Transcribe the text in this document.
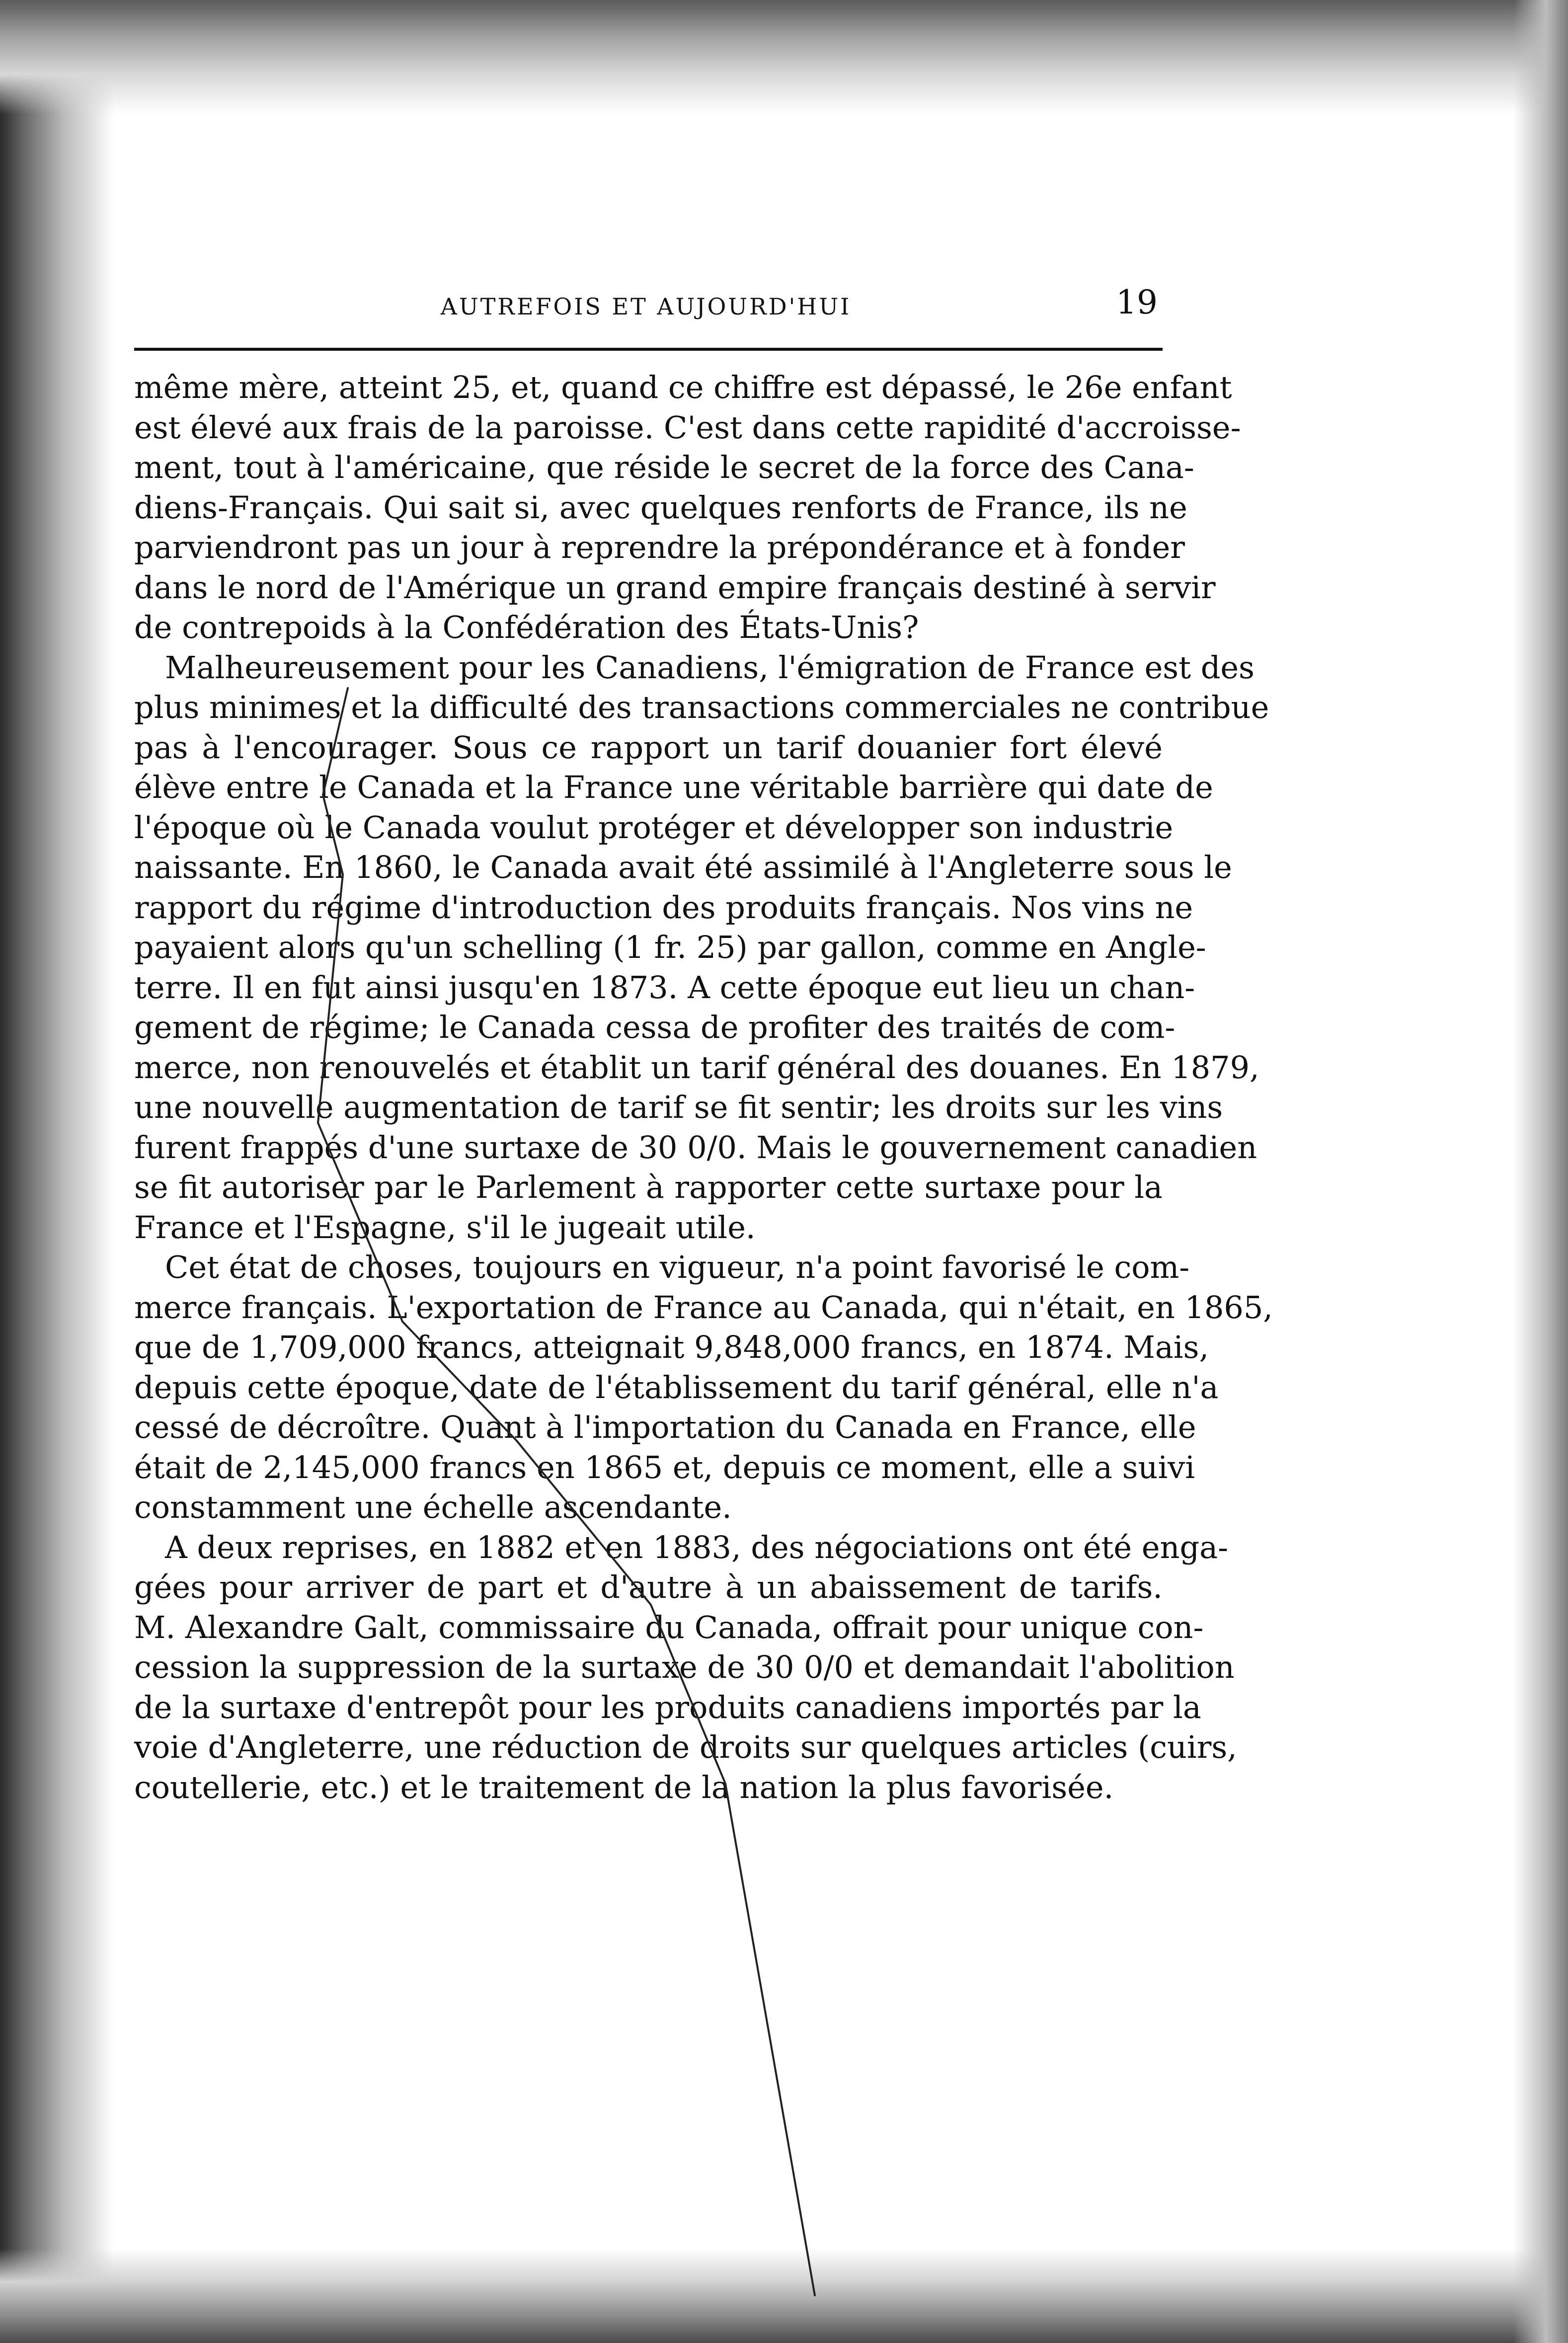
AUTREFOIS ET AUJOURD'HUI	19
même mère, atteint 25, et, quand ce chiffre est dépassé, le 26e enfant
est élevé aux frais de la paroisse. C'est dans cette rapidité d'accroisse-
ment, tout à l'américaine, que réside le secret de la force des Cana-
diens-Français. Qui sait si, avec quelques renforts de France, ils ne
parviendront pas un jour à reprendre la prépondérance et à fonder
dans le nord de l'Amérique un grand empire français destiné à servir
de contrepoids à la Confédération des États-Unis?
Malheureusement pour les Canadiens, l'émigration de France est des
plus minimes et la difficulté des transactions commerciales ne contribue
pas à l'encourager. Sous ce rapport un tarif douanier fort élevé
élève entre le Canada et la France une véritable barrière qui date de
l'époque où le Canada voulut protéger et développer son industrie
naissante. En 1860, le Canada avait été assimilé à l'Angleterre sous le
rapport du régime d'introduction des produits français. Nos vins ne
payaient alors qu'un schelling (1 fr. 25) par gallon, comme en Angle-
terre. Il en fut ainsi jusqu'en 1873. A cette époque eut lieu un chan-
gement de régime; le Canada cessa de profiter des traités de com-
merce, non renouvelés et établit un tarif général des douanes. En 1879,
une nouvelle augmentation de tarif se fit sentir; les droits sur les vins
furent frappés d'une surtaxe de 30 0/0. Mais le gouvernement canadien
se fit autoriser par le Parlement à rapporter cette surtaxe pour la
France et l'Espagne, s'il le jugeait utile.
Cet état de choses, toujours en vigueur, n'a point favorisé le com-
merce français. L'exportation de France au Canada, qui n'était, en 1865,
que de 1,709,000 francs, atteignait 9,848,000 francs, en 1874. Mais,
depuis cette époque, date de l'établissement du tarif général, elle n'a
cessé de décroître. Quant à l'importation du Canada en France, elle
était de 2,145,000 francs en 1865 et, depuis ce moment, elle a suivi
constamment une échelle ascendante.
A deux reprises, en 1882 et en 1883, des négociations ont été enga-
gées pour arriver de part et d'autre à un abaissement de tarifs.
M. Alexandre Galt, commissaire du Canada, offrait pour unique con-
cession la suppression de la surtaxe de 30 0/0 et demandait l'abolition
de la surtaxe d'entrepôt pour les produits canadiens importés par la
voie d'Angleterre, une réduction de droits sur quelques articles (cuirs,
coutellerie, etc.) et le traitement de la nation la plus favorisée.
